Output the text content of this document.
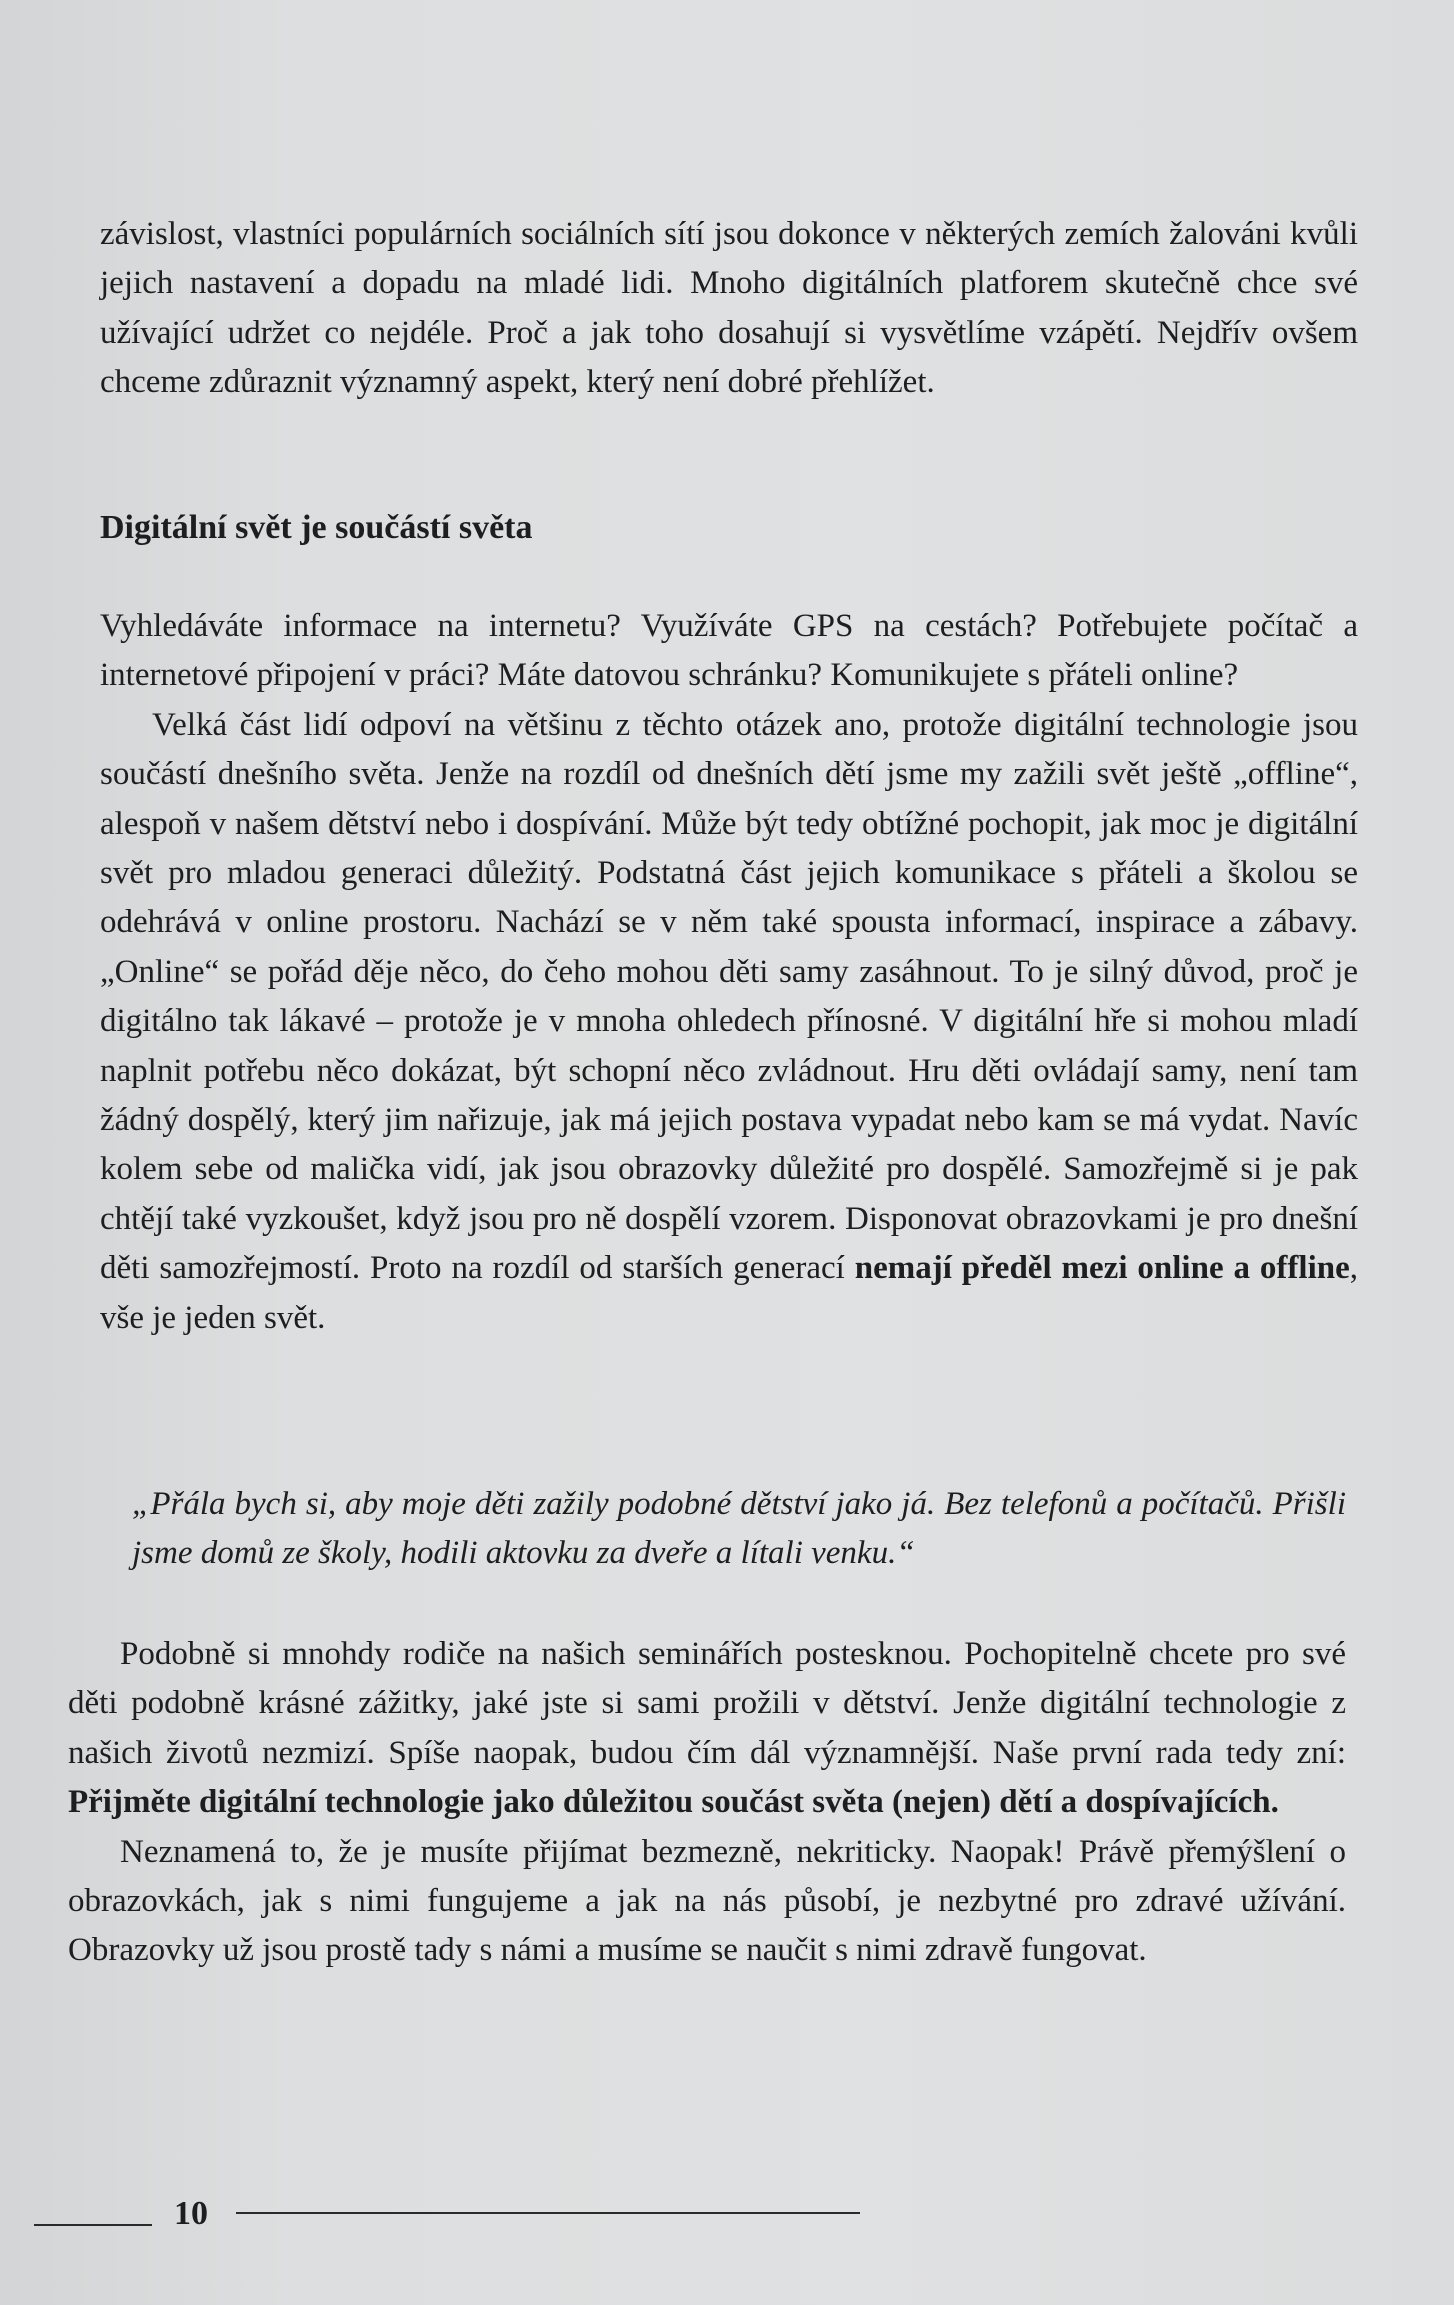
závislost, vlastníci populárních sociálních sítí jsou dokonce v některých zemích žalováni kvůli jejich nastavení a dopadu na mladé lidi. Mnoho digitálních platforem skutečně chce své užívající udržet co nejdéle. Proč a jak toho dosahují si vysvětlíme vzápětí. Nejdřív ovšem chceme zdůraznit významný aspekt, který není dobré přehlížet.

Digitální svět je součástí světa

Vyhledáváte informace na internetu? Využíváte GPS na cestách? Potřebujete počítač a internetové připojení v práci? Máte datovou schránku? Komunikujete s přáteli online?

Velká část lidí odpoví na většinu z těchto otázek ano, protože digitální technologie jsou součástí dnešního světa. Jenže na rozdíl od dnešních dětí jsme my zažili svět ještě „offline“, alespoň v našem dětství nebo i dospívání. Může být tedy obtížné pochopit, jak moc je digitální svět pro mladou generaci důležitý. Podstatná část jejich komunikace s přáteli a školou se odehrává v online prostoru. Nachází se v něm také spousta informací, inspirace a zábavy. „Online“ se pořád děje něco, do čeho mohou děti samy zasáhnout. To je silný důvod, proč je digitálno tak lákavé – protože je v mnoha ohledech přínosné. V digitální hře si mohou mladí naplnit potřebu něco dokázat, být schopní něco zvládnout. Hru děti ovládají samy, není tam žádný dospělý, který jim nařizuje, jak má jejich postava vypadat nebo kam se má vydat. Navíc kolem sebe od malička vidí, jak jsou obrazovky důležité pro dospělé. Samozřejmě si je pak chtějí také vyzkoušet, když jsou pro ně dospělí vzorem. Disponovat obrazovkami je pro dnešní děti samozřejmostí. Proto na rozdíl od starších generací nemají předěl mezi online a offline, vše je jeden svět.

„Přála bych si, aby moje děti zažily podobné dětství jako já. Bez telefonů a počítačů. Přišli jsme domů ze školy, hodili aktovku za dveře a lítali venku.“

Podobně si mnohdy rodiče na našich seminářích postesknou. Pochopitelně chcete pro své děti podobně krásné zážitky, jaké jste si sami prožili v dětství. Jenže digitální technologie z našich životů nezmizí. Spíše naopak, budou čím dál významnější. Naše první rada tedy zní: Přijměte digitální technologie jako důležitou součást světa (nejen) dětí a dospívajících.

Neznamená to, že je musíte přijímat bezmezně, nekriticky. Naopak! Právě přemýšlení o obrazovkách, jak s nimi fungujeme a jak na nás působí, je nezbytné pro zdravé užívání. Obrazovky už jsou prostě tady s námi a musíme se naučit s nimi zdravě fungovat.

10
